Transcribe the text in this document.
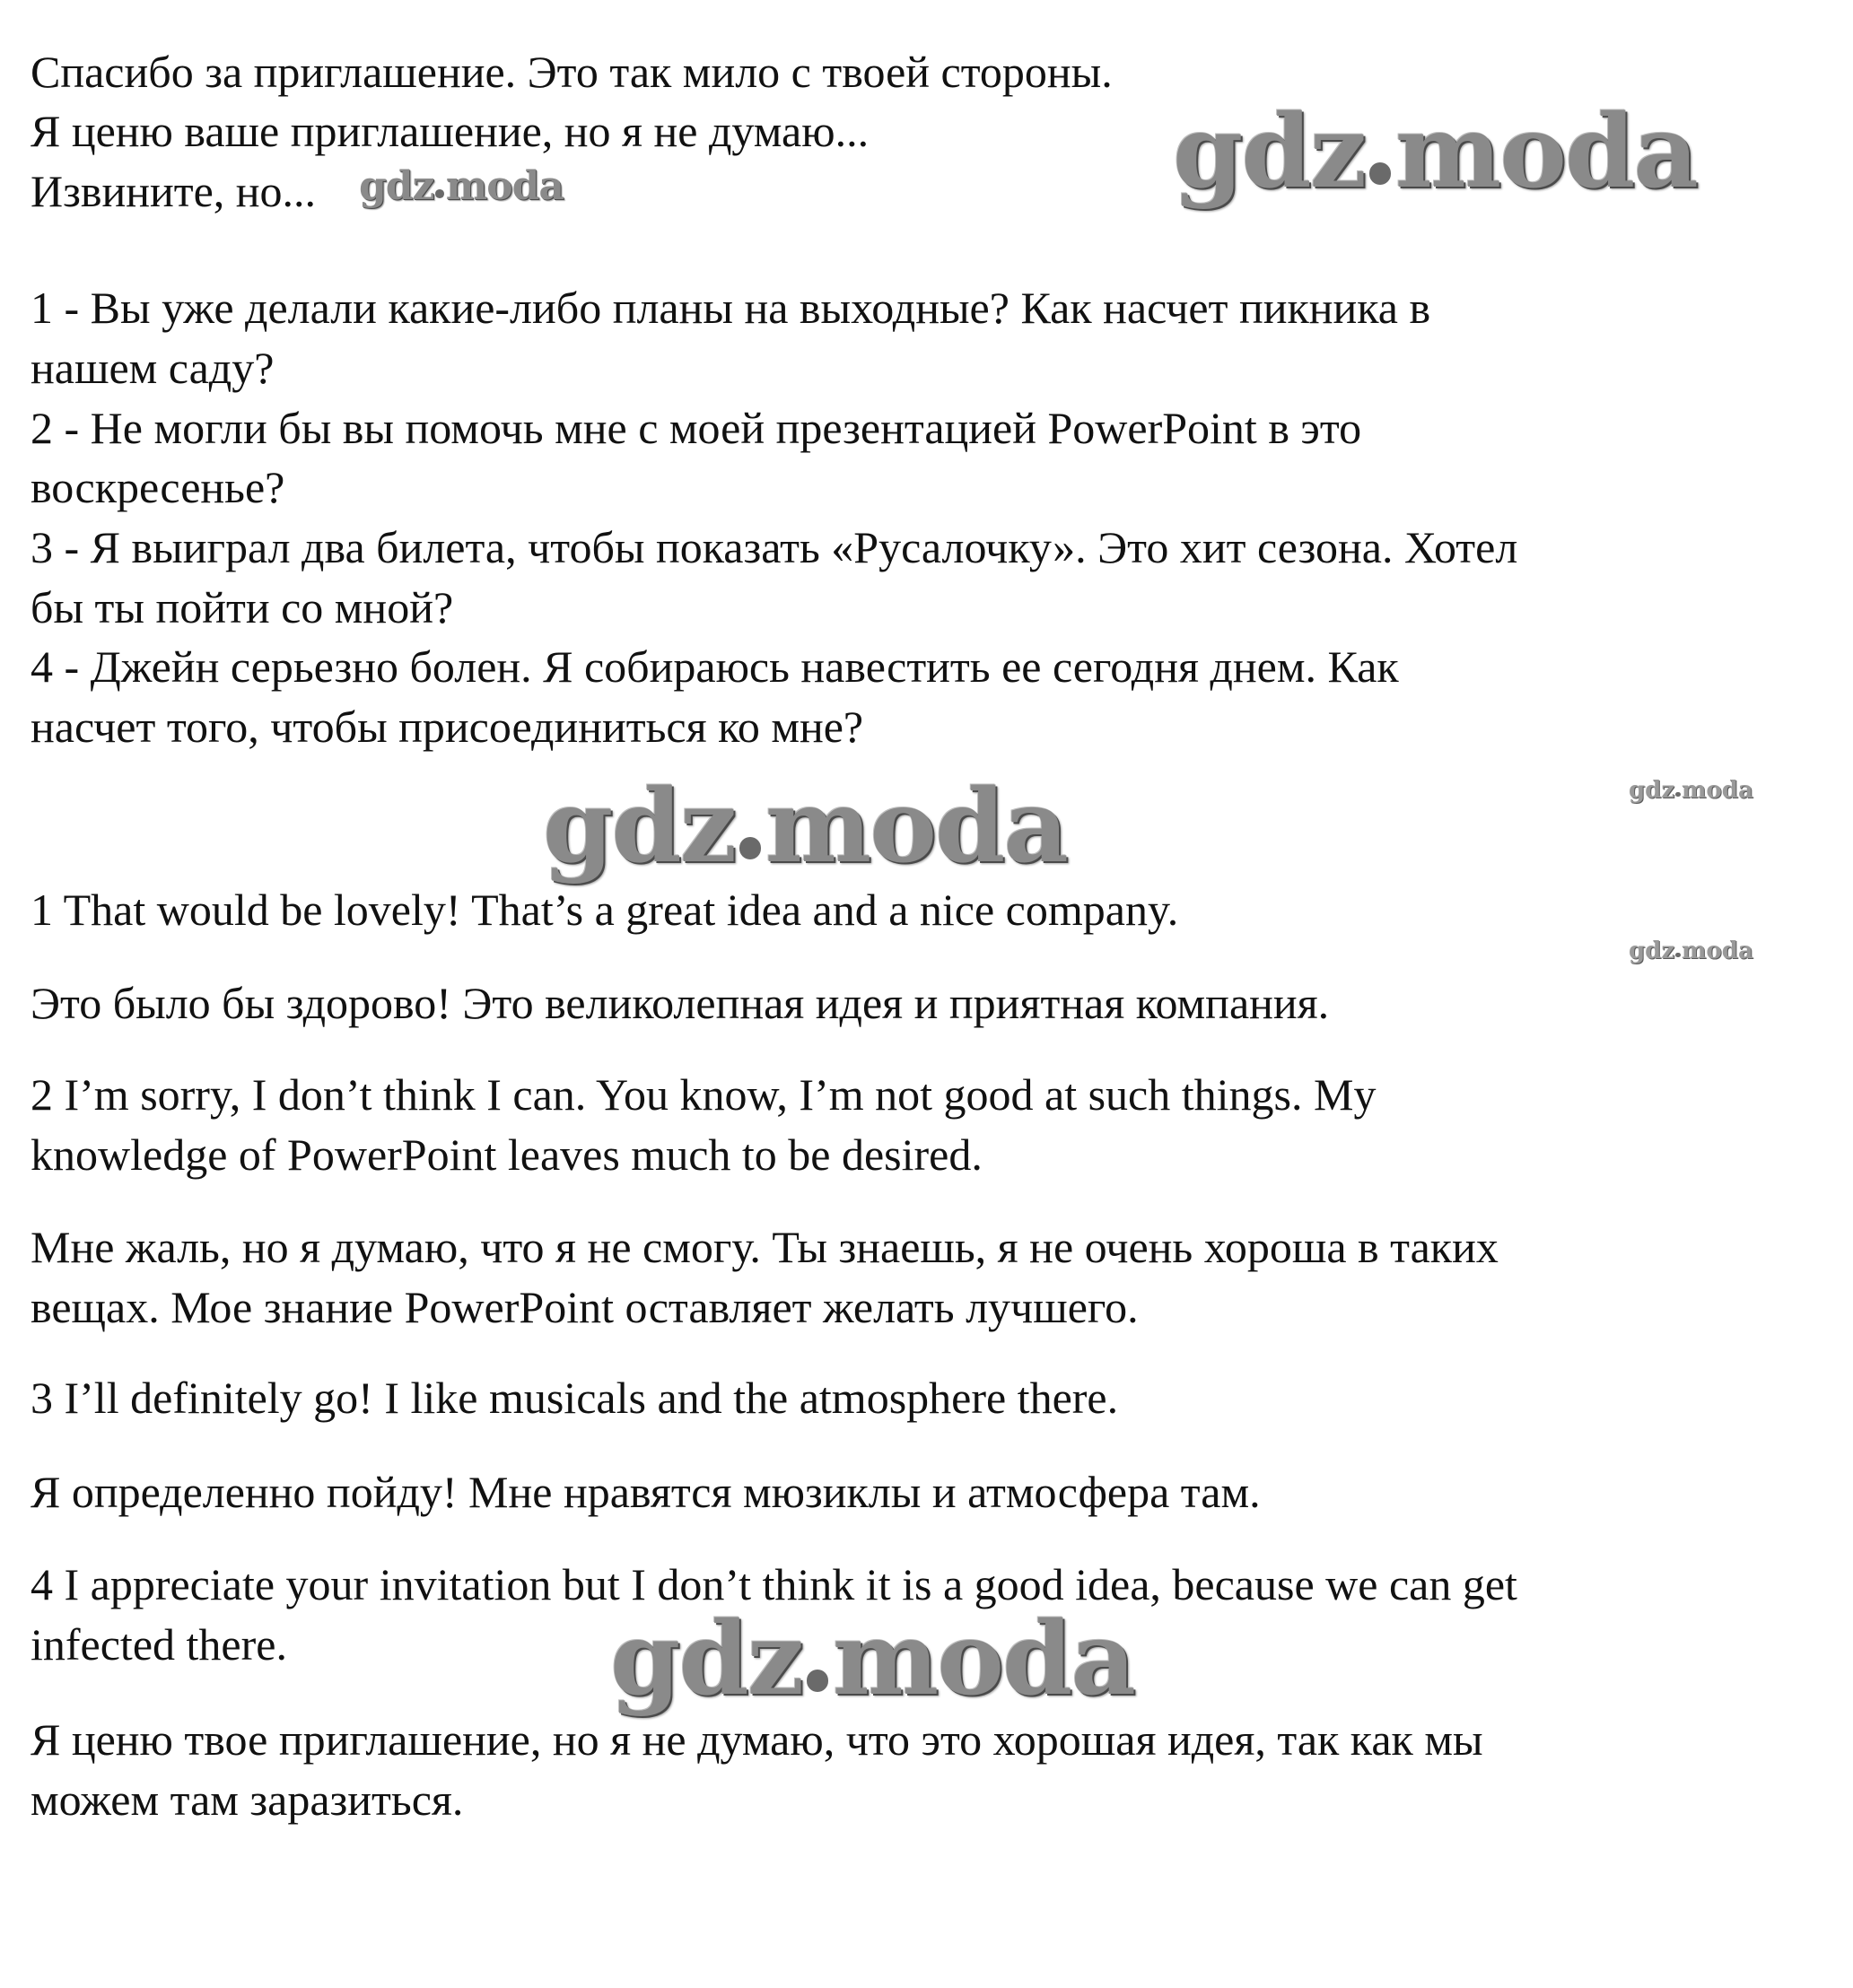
Спасибо за приглашение. Это так мило с твоей стороны.

Я ценю ваше приглашение, но я не думаю...

Извините, но...

1 - Вы уже делали какие-либо планы на выходные? Как насчет пикника в

нашем саду?

2 - Не могли бы вы помочь мне с моей презентацией PowerPoint в это

воскресенье?

3 - Я выиграл два билета, чтобы показать «Русалочку». Это хит сезона. Хотел

бы ты пойти со мной?

4 - Джейн серьезно болен. Я собираюсь навестить ее сегодня днем. Как

насчет того, чтобы присоединиться ко мне?

1 That would be lovely! That’s a great idea and a nice company.

Это было бы здорово! Это великолепная идея и приятная компания.

2 I’m sorry, I don’t think I can. You know, I’m not good at such things. My

knowledge of PowerPoint leaves much to be desired.

Мне жаль, но я думаю, что я не смогу. Ты знаешь, я не очень хороша в таких

вещах. Мое знание PowerPoint оставляет желать лучшего.

3 I’ll definitely go! I like musicals and the atmosphere there.

Я определенно пойду! Мне нравятся мюзиклы и атмосфера там.

4 I appreciate your invitation but I don’t think it is a good idea, because we can get

infected there.

Я ценю твое приглашение, но я не думаю, что это хорошая идея, так как мы

можем там заразиться.

gdz moda
gdz moda
gdz moda
gdz moda
gdz moda
gdz moda
